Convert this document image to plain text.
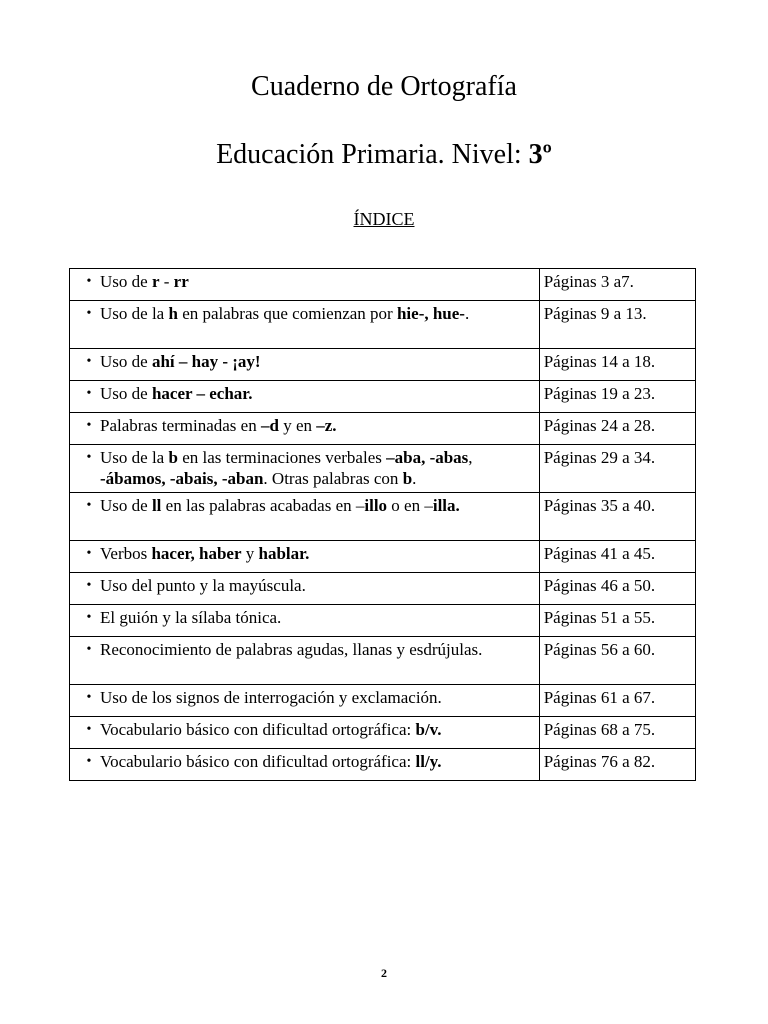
Cuaderno de Ortografía
Educación Primaria. Nivel: 3º
ÍNDICE
• Uso de r - rr	Páginas 3 a7.

• Uso de la h en palabras que comienzan por hie-, hue-.	Páginas 9 a 13.

• Uso de ahí – hay - ¡ay!	Páginas 14 a 18.

• Uso de hacer – echar.	Páginas 19 a 23.

• Palabras terminadas en –d y en –z.	Páginas 24 a 28.

• Uso de la b en las terminaciones verbales –aba, -abas, -ábamos, -abais, -aban. Otras palabras con b.	Páginas 29 a 34.

• Uso de ll en las palabras acabadas en –illo o en –illa.	Páginas 35 a 40.

• Verbos hacer, haber y hablar.	Páginas 41 a 45.

• Uso del punto y la mayúscula.	Páginas 46 a 50.

• El guión y la sílaba tónica.	Páginas 51 a 55.

• Reconocimiento de palabras agudas, llanas y esdrújulas.	Páginas 56 a 60.

• Uso de los signos de interrogación y exclamación.	Páginas 61 a 67.

• Vocabulario básico con dificultad ortográfica: b/v.	Páginas 68 a 75.

• Vocabulario básico con dificultad ortográfica: ll/y.	Páginas 76 a 82.
2
